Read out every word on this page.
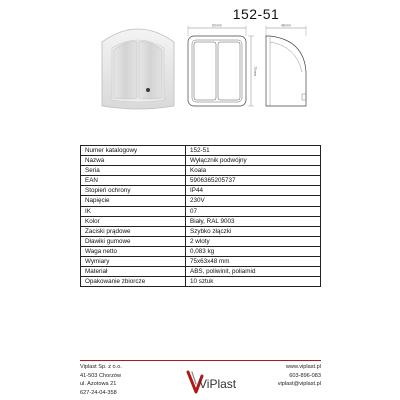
152-51
63 mm
75 mm
48 mm
Numer katalogowy	152-51
Nazwa	Wyłącznik podwójny
Seria	Koala
EAN	5906365205737
Stopień ochrony	IP44
Napięcie	230V
IK	07
Kolor	Biały, RAL 9003
Zaciski prądowe	Szybko złączki
Dławiki gumowe	2 wloty
Waga netto	0,083 kg
Wymiary	75x63x48 mm
Materiał	ABS, poliwinit, poliamid
Opakowanie zbiorcze	10 sztuk
Viplast Sp. z o.o.
41-503 Chorzów
ul. Azotowa 21
627-24-04-358
ViPlast
www.viplast.pl
603-896-083
viplast@viplast.pl
